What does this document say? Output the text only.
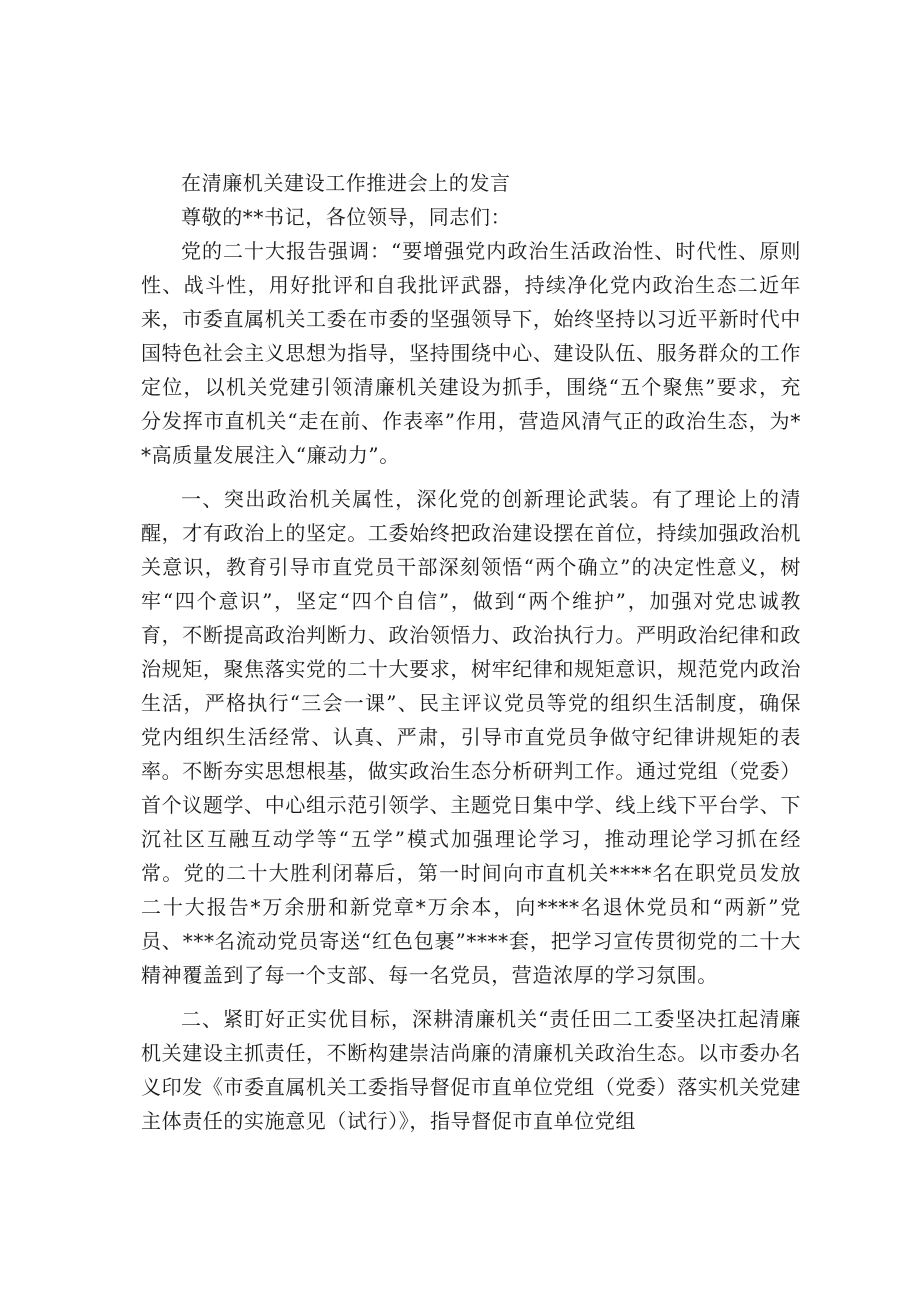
在清廉机关建设工作推进会上的发言

尊敬的**书记，各位领导，同志们：

党的二十大报告强调：“要增强党内政治生活政治性、时代性、原则性、战斗性，用好批评和自我批评武器，持续净化党内政治生态二近年来，市委直属机关工委在市委的坚强领导下，始终坚持以习近平新时代中国特色社会主义思想为指导，坚持围绕中心、建设队伍、服务群众的工作定位，以机关党建引领清廉机关建设为抓手，围绕“五个聚焦”要求，充分发挥市直机关“走在前、作表率”作用，营造风清气正的政治生态，为**高质量发展注入“廉动力”。

一、突出政治机关属性，深化党的创新理论武装。有了理论上的清醒，才有政治上的坚定。工委始终把政治建设摆在首位，持续加强政治机关意识，教育引导市直党员干部深刻领悟“两个确立”的决定性意义，树牢“四个意识”，坚定“四个自信”，做到“两个维护”，加强对党忠诚教育，不断提高政治判断力、政治领悟力、政治执行力。严明政治纪律和政治规矩，聚焦落实党的二十大要求，树牢纪律和规矩意识，规范党内政治生活，严格执行“三会一课”、民主评议党员等党的组织生活制度，确保党内组织生活经常、认真、严肃，引导市直党员争做守纪律讲规矩的表率。不断夯实思想根基，做实政治生态分析研判工作。通过党组（党委）首个议题学、中心组示范引领学、主题党日集中学、线上线下平台学、下沉社区互融互动学等“五学”模式加强理论学习，推动理论学习抓在经常。党的二十大胜利闭幕后，第一时间向市直机关****名在职党员发放二十大报告*万余册和新党章*万余本，向****名退休党员和“两新”党员、***名流动党员寄送“红色包裹”****套，把学习宣传贯彻党的二十大精神覆盖到了每一个支部、每一名党员，营造浓厚的学习氛围。

二、紧盯好正实优目标，深耕清廉机关“责任田二工委坚决扛起清廉机关建设主抓责任，不断构建崇洁尚廉的清廉机关政治生态。以市委办名义印发《市委直属机关工委指导督促市直单位党组（党委）落实机关党建主体责任的实施意见（试行）》，指导督促市直单位党组
